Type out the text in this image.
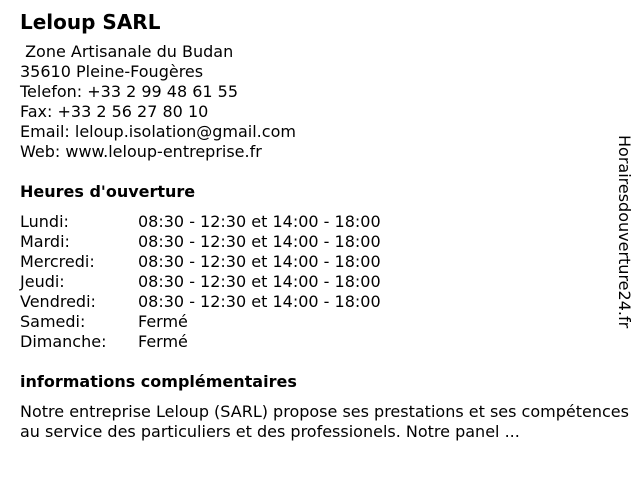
Leloup SARL
Zone Artisanale du Budan
35610 Pleine-Fougères
Telefon: +33 2 99 48 61 55
Fax: +33 2 56 27 80 10
Email: leloup.isolation@gmail.com
Web: www.leloup-entreprise.fr
Heures d'ouverture
Lundi:	08:30 - 12:30 et 14:00 - 18:00
Mardi:	08:30 - 12:30 et 14:00 - 18:00
Mercredi:	08:30 - 12:30 et 14:00 - 18:00
Jeudi:	08:30 - 12:30 et 14:00 - 18:00
Vendredi:	08:30 - 12:30 et 14:00 - 18:00
Samedi:	Fermé
Dimanche:	Fermé
informations complémentaires

Notre entreprise Leloup (SARL) propose ses prestations et ses compétences au service des particuliers et des professionels. Notre panel ...

Horairesdouverture24.fr
